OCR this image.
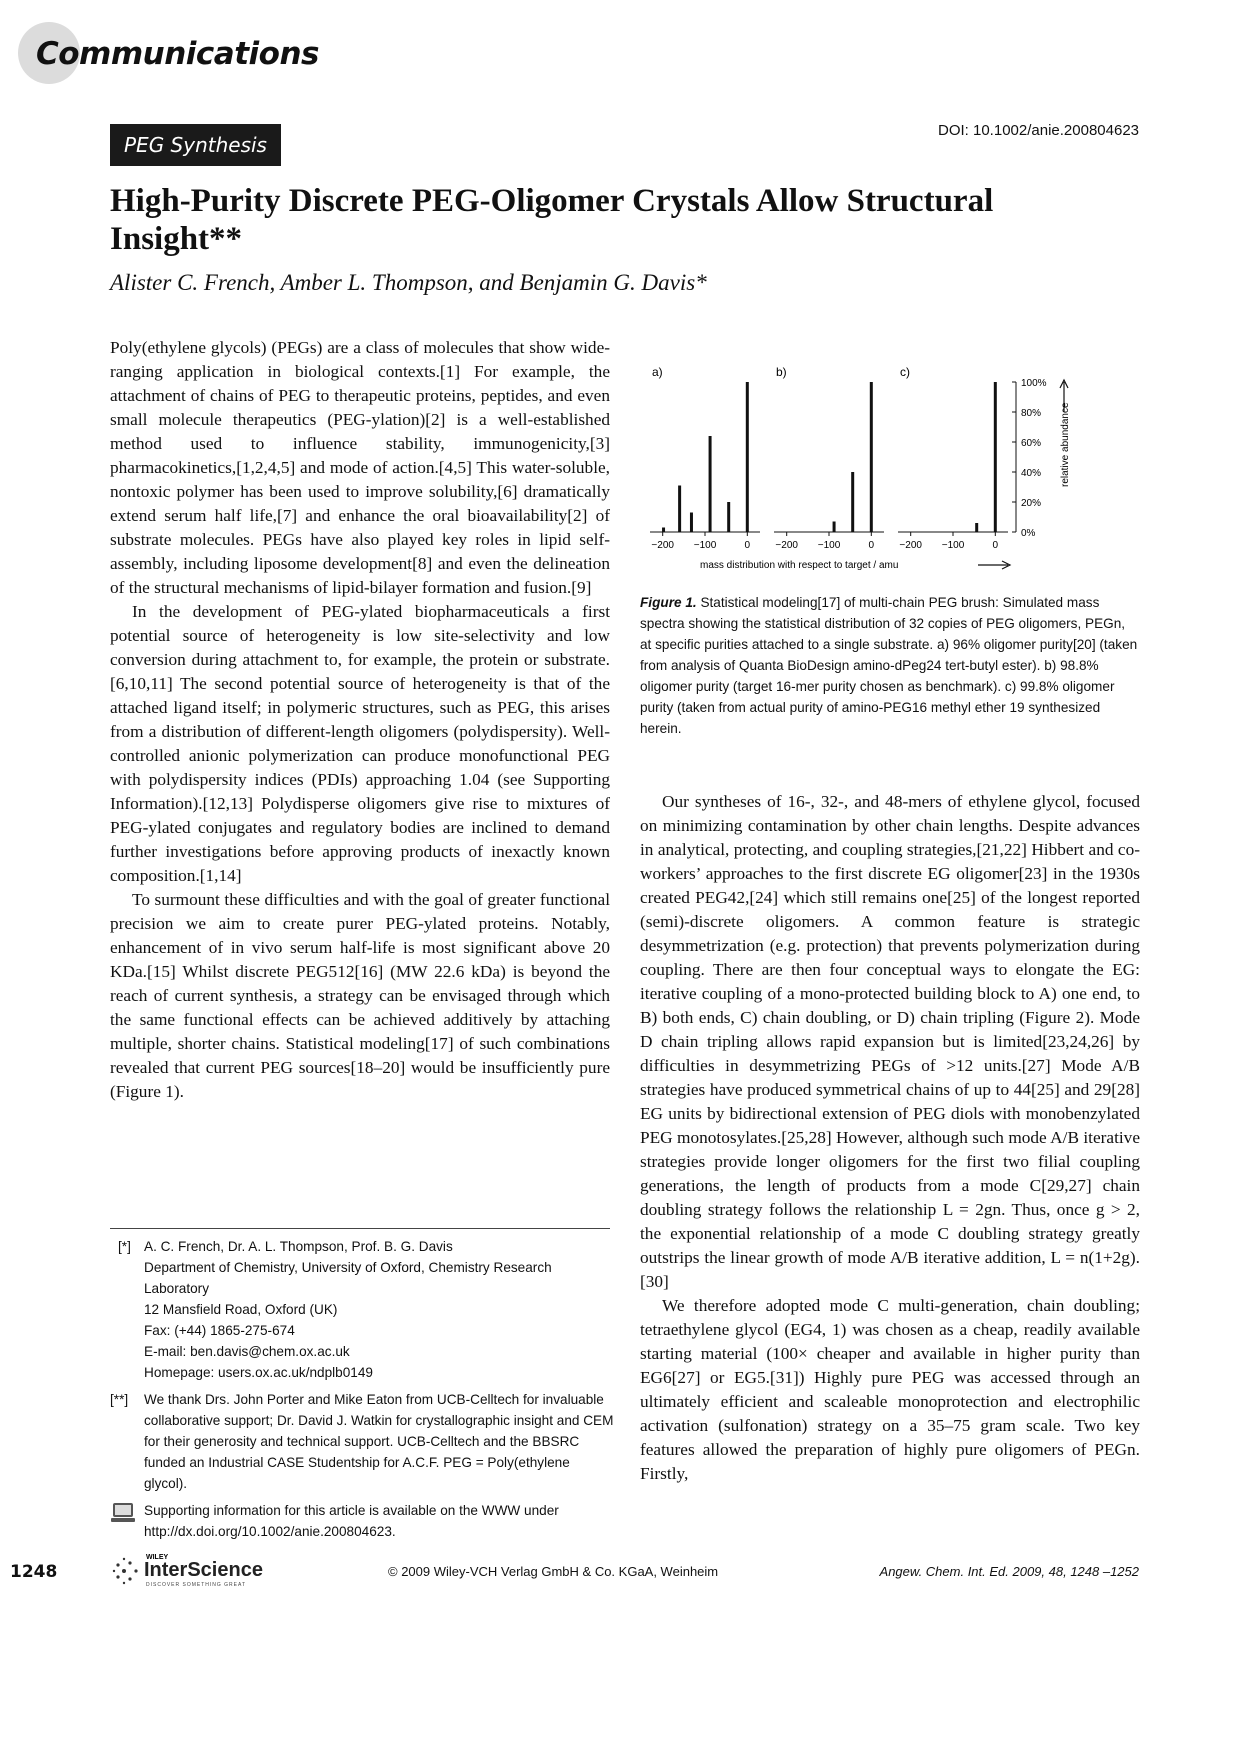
Communications
PEG Synthesis
DOI: 10.1002/anie.200804623
High-Purity Discrete PEG-Oligomer Crystals Allow Structural Insight**
Alister C. French, Amber L. Thompson, and Benjamin G. Davis*

Poly(ethylene glycols) (PEGs) are a class of molecules that show wide-ranging application in biological contexts.[1] For example, the attachment of chains of PEG to therapeutic proteins, peptides, and even small molecule therapeutics (PEG-ylation)[2] is a well-established method used to influence stability, immunogenicity,[3] pharmacokinetics,[1,2,4,5] and mode of action.[4,5] This water-soluble, nontoxic polymer has been used to improve solubility,[6] dramatically extend serum half life,[7] and enhance the oral bioavailability[2] of substrate molecules. PEGs have also played key roles in lipid self-assembly, including liposome development[8] and even the delineation of the structural mechanisms of lipid-bilayer formation and fusion.[9]

In the development of PEG-ylated biopharmaceuticals a first potential source of heterogeneity is low site-selectivity and low conversion during attachment to, for example, the protein or substrate.[6,10,11] The second potential source of heterogeneity is that of the attached ligand itself; in polymeric structures, such as PEG, this arises from a distribution of different-length oligomers (polydispersity). Well-controlled anionic polymerization can produce monofunctional PEG with polydispersity indices (PDIs) approaching 1.04 (see Supporting Information).[12,13] Polydisperse oligomers give rise to mixtures of PEG-ylated conjugates and regulatory bodies are inclined to demand further investigations before approving products of inexactly known composition.[1,14]

To surmount these difficulties and with the goal of greater functional precision we aim to create purer PEG-ylated proteins. Notably, enhancement of in vivo serum half-life is most significant above 20 KDa.[15] Whilst discrete PEG512[16] (MW 22.6 kDa) is beyond the reach of current synthesis, a strategy can be envisaged through which the same functional effects can be achieved additively by attaching multiple, shorter chains. Statistical modeling[17] of such combinations revealed that current PEG sources[18–20] would be insufficiently pure (Figure 1).

a)
−200 −100	0
b)
−200 −100	0
c)
−200 −100	0
0%
20%
40%
60%
80%
100%
relative abundance
mass distribution with respect to target / amu
Figure 1. Statistical modeling[17] of multi-chain PEG brush: Simulated mass spectra showing the statistical distribution of 32 copies of PEG oligomers, PEGn, at specific purities attached to a single substrate. a) 96% oligomer purity[20] (taken from analysis of Quanta BioDesign amino-dPeg24 tert-butyl ester). b) 98.8% oligomer purity (target 16-mer purity chosen as benchmark). c) 99.8% oligomer purity (taken from actual purity of amino-PEG16 methyl ether 19 synthesized herein.

Our syntheses of 16-, 32-, and 48-mers of ethylene glycol, focused on minimizing contamination by other chain lengths. Despite advances in analytical, protecting, and coupling strategies,[21,22] Hibbert and co-workers’ approaches to the first discrete EG oligomer[23] in the 1930s created PEG42,[24] which still remains one[25] of the longest reported (semi)-discrete oligomers. A common feature is strategic desymmetrization (e.g. protection) that prevents polymerization during coupling. There are then four conceptual ways to elongate the EG: iterative coupling of a mono-protected building block to A) one end, to B) both ends, C) chain doubling, or D) chain tripling (Figure 2). Mode D chain tripling allows rapid expansion but is limited[23,24,26] by difficulties in desymmetrizing PEGs of >12 units.[27] Mode A/B strategies have produced symmetrical chains of up to 44[25] and 29[28] EG units by bidirectional extension of PEG diols with monobenzylated PEG monotosylates.[25,28] However, although such mode A/B iterative strategies provide longer oligomers for the first two filial coupling generations, the length of products from a mode C[29,27] chain doubling strategy follows the relationship L = 2gn. Thus, once g > 2, the exponential relationship of a mode C doubling strategy greatly outstrips the linear growth of mode A/B iterative addition, L = n(1+2g).[30]

We therefore adopted mode C multi-generation, chain doubling; tetraethylene glycol (EG4, 1) was chosen as a cheap, readily available starting material (100× cheaper and available in higher purity than EG6[27] or EG5.[31]) Highly pure PEG was accessed through an ultimately efficient and scaleable monoprotection and electrophilic activation (sulfonation) strategy on a 35–75 gram scale. Two key features allowed the preparation of highly pure oligomers of PEGn. Firstly,

[*] A. C. French, Dr. A. L. Thompson, Prof. B. G. Davis
Department of Chemistry, University of Oxford, Chemistry Research
Laboratory
12 Mansfield Road, Oxford (UK)
Fax: (+44) 1865-275-674
E-mail: ben.davis@chem.ox.ac.uk
Homepage: users.ox.ac.uk/ndplb0149
[**] We thank Drs. John Porter and Mike Eaton from UCB-Celltech for invaluable collaborative support; Dr. David J. Watkin for crystallographic insight and CEM for their generosity and technical support. UCB-Celltech and the BBSRC funded an Industrial CASE Studentship for A.C.F. PEG = Poly(ethylene glycol).
Supporting information for this article is available on the WWW under http://dx.doi.org/10.1002/anie.200804623.
1248
WILEY
InterScience
DISCOVER SOMETHING GREAT
© 2009 Wiley-VCH Verlag GmbH & Co. KGaA, Weinheim	Angew. Chem. Int. Ed. 2009, 48, 1248 –1252
